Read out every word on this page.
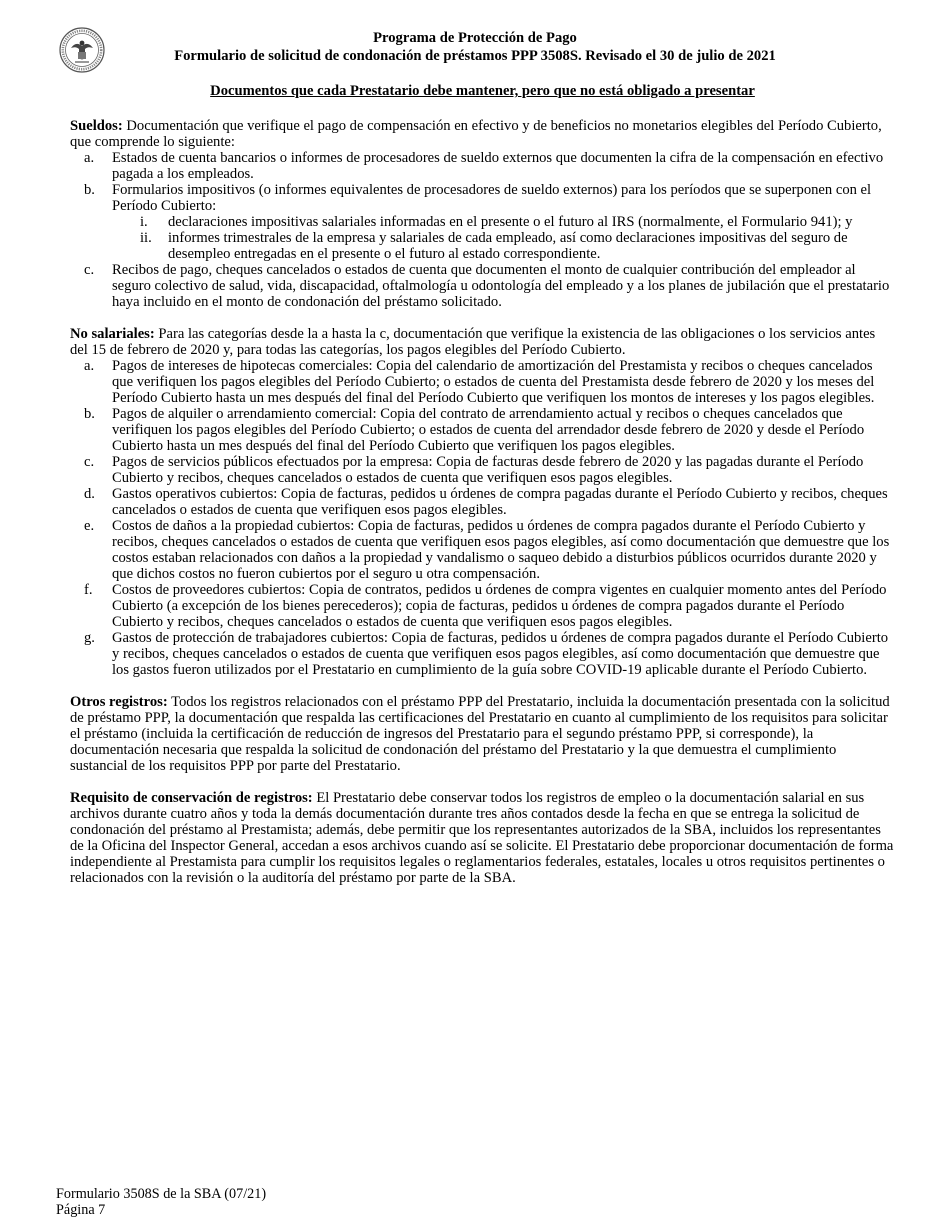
Programa de Protección de Pago
Formulario de solicitud de condonación de préstamos PPP 3508S. Revisado el 30 de julio de 2021
Documentos que cada Prestatario debe mantener, pero que no está obligado a presentar

Sueldos: Documentación que verifique el pago de compensación en efectivo y de beneficios no monetarios elegibles del Período Cubierto, que comprende lo siguiente:

a. Estados de cuenta bancarios o informes de procesadores de sueldo externos que documenten la cifra de la compensación en efectivo pagada a los empleados.
b. Formularios impositivos (o informes equivalentes de procesadores de sueldo externos) para los períodos que se superponen con el Período Cubierto:
i. declaraciones impositivas salariales informadas en el presente o el futuro al IRS (normalmente, el Formulario 941); y
ii. informes trimestrales de la empresa y salariales de cada empleado, así como declaraciones impositivas del seguro de desempleo entregadas en el presente o el futuro al estado correspondiente.
c. Recibos de pago, cheques cancelados o estados de cuenta que documenten el monto de cualquier contribución del empleador al seguro colectivo de salud, vida, discapacidad, oftalmología u odontología del empleado y a los planes de jubilación que el prestatario haya incluido en el monto de condonación del préstamo solicitado.

No salariales: Para las categorías desde la a hasta la c, documentación que verifique la existencia de las obligaciones o los servicios antes del 15 de febrero de 2020 y, para todas las categorías, los pagos elegibles del Período Cubierto.

a. Pagos de intereses de hipotecas comerciales: Copia del calendario de amortización del Prestamista y recibos o cheques cancelados que verifiquen los pagos elegibles del Período Cubierto; o estados de cuenta del Prestamista desde febrero de 2020 y los meses del Período Cubierto hasta un mes después del final del Período Cubierto que verifiquen los montos de intereses y los pagos elegibles.
b. Pagos de alquiler o arrendamiento comercial: Copia del contrato de arrendamiento actual y recibos o cheques cancelados que verifiquen los pagos elegibles del Período Cubierto; o estados de cuenta del arrendador desde febrero de 2020 y desde el Período Cubierto hasta un mes después del final del Período Cubierto que verifiquen los pagos elegibles.
c. Pagos de servicios públicos efectuados por la empresa: Copia de facturas desde febrero de 2020 y las pagadas durante el Período Cubierto y recibos, cheques cancelados o estados de cuenta que verifiquen esos pagos elegibles.
d. Gastos operativos cubiertos: Copia de facturas, pedidos u órdenes de compra pagadas durante el Período Cubierto y recibos, cheques cancelados o estados de cuenta que verifiquen esos pagos elegibles.
e. Costos de daños a la propiedad cubiertos: Copia de facturas, pedidos u órdenes de compra pagados durante el Período Cubierto y recibos, cheques cancelados o estados de cuenta que verifiquen esos pagos elegibles, así como documentación que demuestre que los costos estaban relacionados con daños a la propiedad y vandalismo o saqueo debido a disturbios públicos ocurridos durante 2020 y que dichos costos no fueron cubiertos por el seguro u otra compensación.
f. Costos de proveedores cubiertos: Copia de contratos, pedidos u órdenes de compra vigentes en cualquier momento antes del Período Cubierto (a excepción de los bienes perecederos); copia de facturas, pedidos u órdenes de compra pagados durante el Período Cubierto y recibos, cheques cancelados o estados de cuenta que verifiquen esos pagos elegibles.
g. Gastos de protección de trabajadores cubiertos: Copia de facturas, pedidos u órdenes de compra pagados durante el Período Cubierto y recibos, cheques cancelados o estados de cuenta que verifiquen esos pagos elegibles, así como documentación que demuestre que los gastos fueron utilizados por el Prestatario en cumplimiento de la guía sobre COVID-19 aplicable durante el Período Cubierto.

Otros registros: Todos los registros relacionados con el préstamo PPP del Prestatario, incluida la documentación presentada con la solicitud de préstamo PPP, la documentación que respalda las certificaciones del Prestatario en cuanto al cumplimiento de los requisitos para solicitar el préstamo (incluida la certificación de reducción de ingresos del Prestatario para el segundo préstamo PPP, si corresponde), la documentación necesaria que respalda la solicitud de condonación del préstamo del Prestatario y la que demuestra el cumplimiento sustancial de los requisitos PPP por parte del Prestatario.

Requisito de conservación de registros: El Prestatario debe conservar todos los registros de empleo o la documentación salarial en sus archivos durante cuatro años y toda la demás documentación durante tres años contados desde la fecha en que se entrega la solicitud de condonación del préstamo al Prestamista; además, debe permitir que los representantes autorizados de la SBA, incluidos los representantes de la Oficina del Inspector General, accedan a esos archivos cuando así se solicite. El Prestatario debe proporcionar documentación de forma independiente al Prestamista para cumplir los requisitos legales o reglamentarios federales, estatales, locales u otros requisitos pertinentes o relacionados con la revisión o la auditoría del préstamo por parte de la SBA.

Formulario 3508S de la SBA (07/21)
Página 7
